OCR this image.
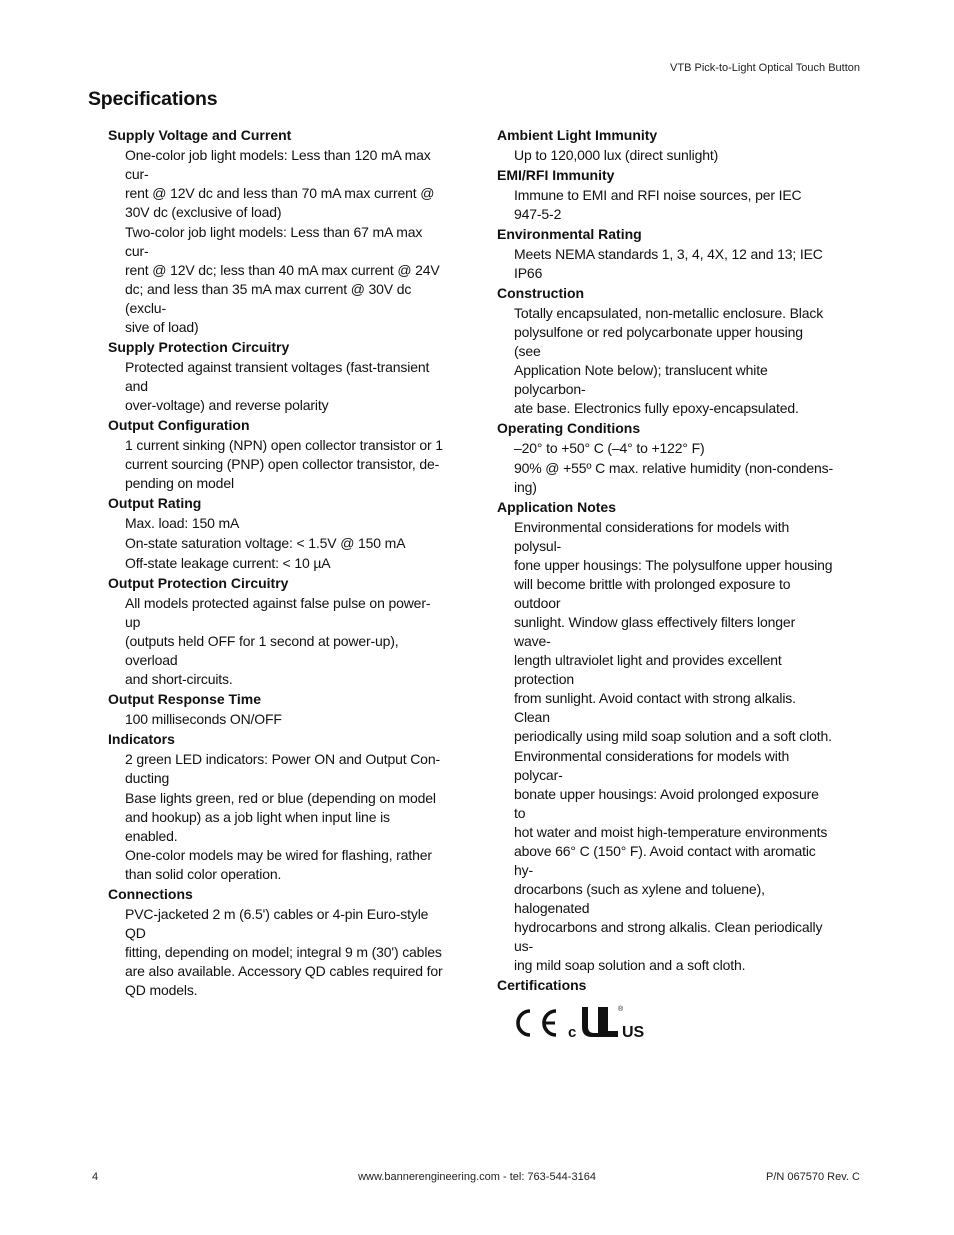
VTB Pick-to-Light Optical Touch Button
Specifications
Supply Voltage and Current
One-color job light models: Less than 120 mA max cur-
rent @ 12V dc and less than 70 mA max current @
30V dc (exclusive of load)
Two-color job light models: Less than 67 mA max cur-
rent @ 12V dc; less than 40 mA max current @ 24V
dc; and less than 35 mA max current @ 30V dc (exclu-
sive of load)
Supply Protection Circuitry
Protected against transient voltages (fast-transient and
over-voltage) and reverse polarity
Output Configuration
1 current sinking (NPN) open collector transistor or 1
current sourcing (PNP) open collector transistor, de-
pending on model
Output Rating
Max. load: 150 mA
On-state saturation voltage: < 1.5V @ 150 mA
Off-state leakage current: < 10 µA
Output Protection Circuitry
All models protected against false pulse on power-up
(outputs held OFF for 1 second at power-up), overload
and short-circuits.
Output Response Time
100 milliseconds ON/OFF
Indicators
2 green LED indicators: Power ON and Output Con-
ducting
Base lights green, red or blue (depending on model
and hookup) as a job light when input line is enabled.
One-color models may be wired for flashing, rather
than solid color operation.
Connections
PVC-jacketed 2 m (6.5') cables or 4-pin Euro-style QD
fitting, depending on model; integral 9 m (30') cables
are also available. Accessory QD cables required for
QD models.
Ambient Light Immunity
Up to 120,000 lux (direct sunlight)
EMI/RFI Immunity
Immune to EMI and RFI noise sources, per IEC
947-5-2
Environmental Rating
Meets NEMA standards 1, 3, 4, 4X, 12 and 13; IEC
IP66
Construction
Totally encapsulated, non-metallic enclosure. Black
polysulfone or red polycarbonate upper housing (see
Application Note below); translucent white polycarbon-
ate base. Electronics fully epoxy-encapsulated.
Operating Conditions
–20° to +50° C (–4° to +122° F)
90% @ +55º C max. relative humidity (non-condens-
ing)
Application Notes
Environmental considerations for models with polysul-
fone upper housings: The polysulfone upper housing
will become brittle with prolonged exposure to outdoor
sunlight. Window glass effectively filters longer wave-
length ultraviolet light and provides excellent protection
from sunlight. Avoid contact with strong alkalis. Clean
periodically using mild soap solution and a soft cloth.
Environmental considerations for models with polycar-
bonate upper housings: Avoid prolonged exposure to
hot water and moist high-temperature environments
above 66° C (150° F). Avoid contact with aromatic hy-
drocarbons (such as xylene and toluene), halogenated
hydrocarbons and strong alkalis. Clean periodically us-
ing mild soap solution and a soft cloth.
Certifications
c	US
®
4	www.bannerengineering.com - tel: 763-544-3164	P/N 067570 Rev. C
